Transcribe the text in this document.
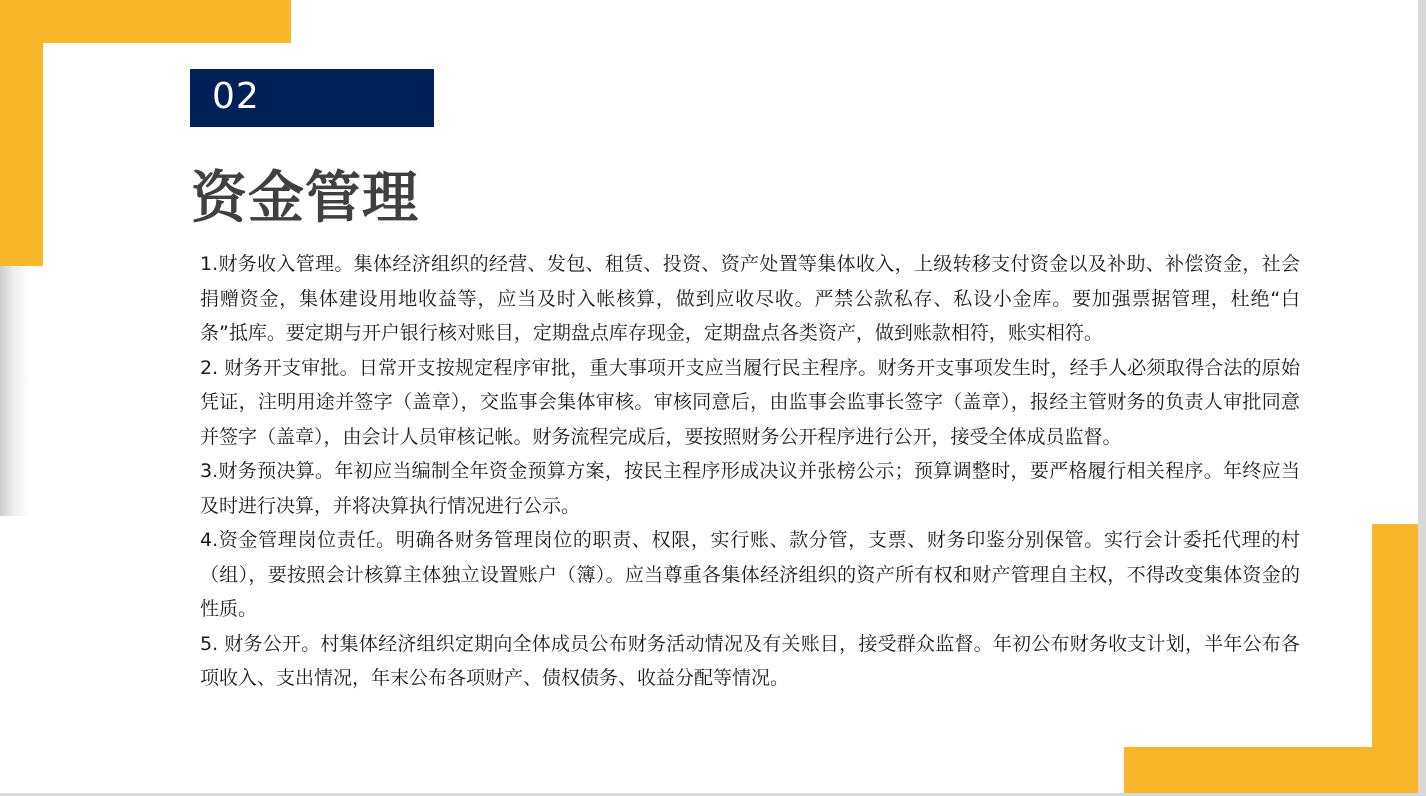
02
资金管理

1.财务收入管理。集体经济组织的经营、发包、租赁、投资、资产处置等集体收入，上级转移支付资金以及补助、补偿资金，社会捐赠资金，集体建设用地收益等，应当及时入帐核算，做到应收尽收。严禁公款私存、私设小金库。要加强票据管理，杜绝“白条”抵库。要定期与开户银行核对账目，定期盘点库存现金，定期盘点各类资产，做到账款相符，账实相符。

2. 财务开支审批。日常开支按规定程序审批，重大事项开支应当履行民主程序。财务开支事项发生时，经手人必须取得合法的原始凭证，注明用途并签字（盖章），交监事会集体审核。审核同意后，由监事会监事长签字（盖章），报经主管财务的负责人审批同意并签字（盖章），由会计人员审核记帐。财务流程完成后，要按照财务公开程序进行公开，接受全体成员监督。

3.财务预决算。年初应当编制全年资金预算方案，按民主程序形成决议并张榜公示；预算调整时，要严格履行相关程序。年终应当及时进行决算，并将决算执行情况进行公示。

4.资金管理岗位责任。明确各财务管理岗位的职责、权限，实行账、款分管，支票、财务印鉴分别保管。实行会计委托代理的村（组），要按照会计核算主体独立设置账户（簿）。应当尊重各集体经济组织的资产所有权和财产管理自主权，不得改变集体资金的性质。

5. 财务公开。村集体经济组织定期向全体成员公布财务活动情况及有关账目，接受群众监督。年初公布财务收支计划，半年公布各项收入、支出情况，年末公布各项财产、债权债务、收益分配等情况。
